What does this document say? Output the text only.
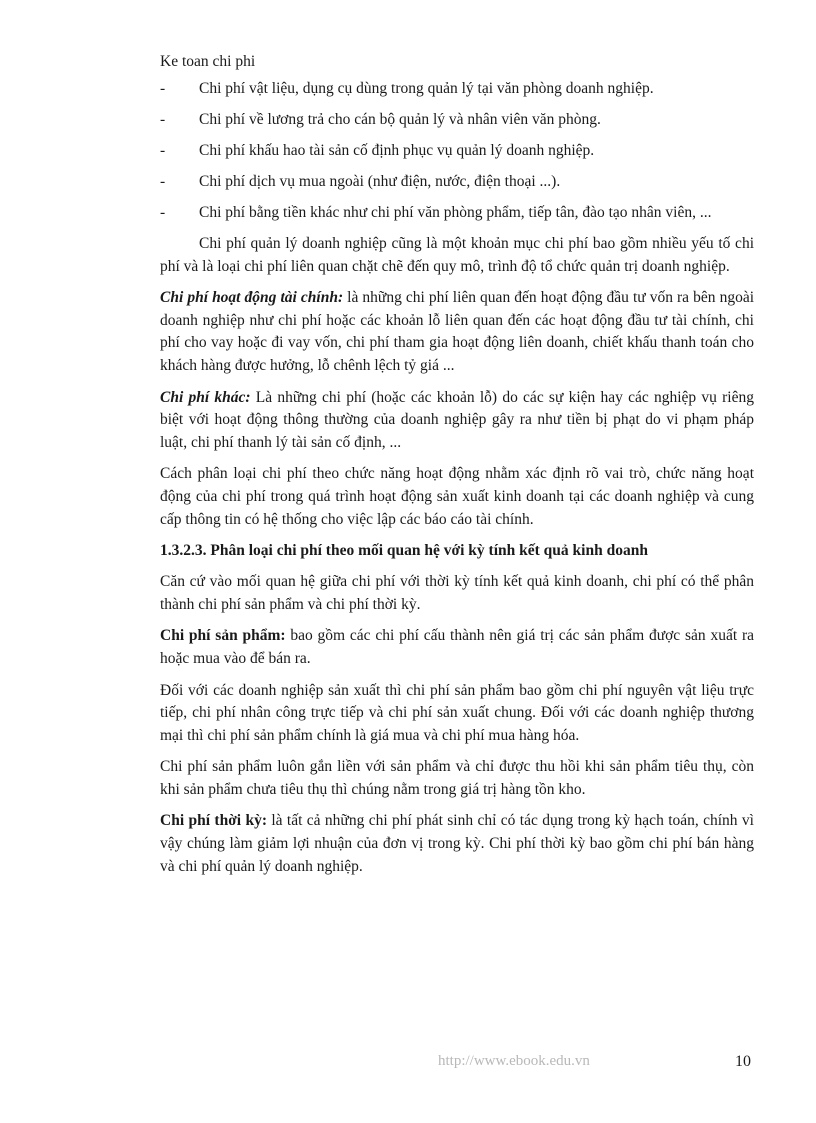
Ke toan chi phi
- Chi phí vật liệu, dụng cụ dùng trong quản lý tại văn phòng doanh nghiệp.
- Chi phí về lương trả cho cán bộ quản lý và nhân viên văn phòng.
- Chi phí khấu hao tài sản cố định phục vụ quản lý doanh nghiệp.
- Chi phí dịch vụ mua ngoài (như điện, nước, điện thoại ...).
- Chi phí bằng tiền khác như chi phí văn phòng phẩm, tiếp tân, đào tạo nhân viên, ...

Chi phí quản lý doanh nghiệp cũng là một khoản mục chi phí bao gồm nhiều yếu tố chi phí và là loại chi phí liên quan chặt chẽ đến quy mô, trình độ tổ chức quản trị doanh nghiệp.

Chi phí hoạt động tài chính: là những chi phí liên quan đến hoạt động đầu tư vốn ra bên ngoài doanh nghiệp như chi phí hoặc các khoản lỗ liên quan đến các hoạt động đầu tư tài chính, chi phí cho vay hoặc đi vay vốn, chi phí tham gia hoạt động liên doanh, chiết khấu thanh toán cho khách hàng được hưởng, lỗ chênh lệch tỷ giá ...

Chi phí khác: Là những chi phí (hoặc các khoản lỗ) do các sự kiện hay các nghiệp vụ riêng biệt với hoạt động thông thường của doanh nghiệp gây ra như tiền bị phạt do vi phạm pháp luật, chi phí thanh lý tài sản cố định, ...

Cách phân loại chi phí theo chức năng hoạt động nhằm xác định rõ vai trò, chức năng hoạt động của chi phí trong quá trình hoạt động sản xuất kinh doanh tại các doanh nghiệp và cung cấp thông tin có hệ thống cho việc lập các báo cáo tài chính.

1.3.2.3. Phân loại chi phí theo mối quan hệ với kỳ tính kết quả kinh doanh

Căn cứ vào mối quan hệ giữa chi phí với thời kỳ tính kết quả kinh doanh, chi phí có thể phân thành chi phí sản phẩm và chi phí thời kỳ.

Chi phí sản phẩm: bao gồm các chi phí cấu thành nên giá trị các sản phẩm được sản xuất ra hoặc mua vào để bán ra.

Đối với các doanh nghiệp sản xuất thì chi phí sản phẩm bao gồm chi phí nguyên vật liệu trực tiếp, chi phí nhân công trực tiếp và chi phí sản xuất chung. Đối với các doanh nghiệp thương mại thì chi phí sản phẩm chính là giá mua và chi phí mua hàng hóa.

Chi phí sản phẩm luôn gắn liền với sản phẩm và chỉ được thu hồi khi sản phẩm tiêu thụ, còn khi sản phẩm chưa tiêu thụ thì chúng nằm trong giá trị hàng tồn kho.

Chi phí thời kỳ: là tất cả những chi phí phát sinh chỉ có tác dụng trong kỳ hạch toán, chính vì vậy chúng làm giảm lợi nhuận của đơn vị trong kỳ. Chi phí thời kỳ bao gồm chi phí bán hàng và chi phí quản lý doanh nghiệp.

http://www.ebook.edu.vn	10
